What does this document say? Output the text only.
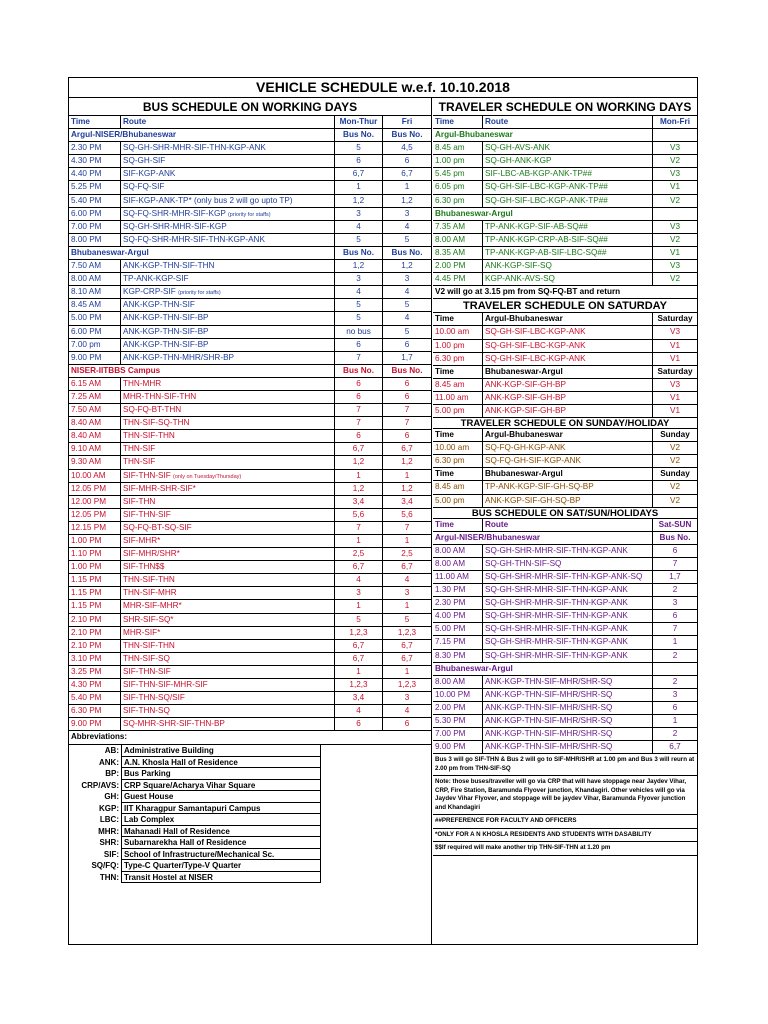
VEHICLE SCHEDULE w.e.f. 10.10.2018
BUS SCHEDULE ON WORKING DAYS
Time	Route	Mon-Thur	Fri
Argul-NISER/Bhubaneswar	Bus No.	Bus No.
2.30 PM	SQ-GH-SHR-MHR-SIF-THN-KGP-ANK	5	4,5
4.30 PM	SQ-GH-SIF	6	6
4.40 PM	SIF-KGP-ANK	6,7	6,7
5.25 PM	SQ-FQ-SIF	1	1
5.40 PM	SIF-KGP-ANK-TP* (only bus 2 will go upto TP)	1,2	1,2
6.00 PM	SQ-FQ-SHR-MHR-SIF-KGP (priority for staffs)	3	3
7.00 PM	SQ-GH-SHR-MHR-SIF-KGP	4	4
8.00 PM	SQ-FQ-SHR-MHR-SIF-THN-KGP-ANK	5	5
Bhubaneswar-Argul	Bus No.	Bus No.
7.50 AM	ANK-KGP-THN-SIF-THN	1,2	1,2
8.00 AM	TP-ANK-KGP-SIF	3	3
8.10 AM	KGP-CRP-SIF (priority for staffs)	4	4
8.45 AM	ANK-KGP-THN-SIF	5	5
5.00 PM	ANK-KGP-THN-SIF-BP	5	4
6.00 PM	ANK-KGP-THN-SIF-BP	no bus	5
7.00 pm	ANK-KGP-THN-SIF-BP	6	6
9.00 PM	ANK-KGP-THN-MHR/SHR-BP	7	1,7
NISER-IITBBS Campus	Bus No.	Bus No.
6.15 AM	THN-MHR	6	6
7.25 AM	MHR-THN-SIF-THN	6	6
7.50 AM	SQ-FQ-BT-THN	7	7
8.40 AM	THN-SIF-SQ-THN	7	7
8.40 AM	THN-SIF-THN	6	6
9.10 AM	THN-SIF	6,7	6,7
9.30 AM	THN-SIF	1,2	1,2
10.00 AM	SIF-THN-SIF (only on Tuesday/Thursday)	1	1
12.05 PM	SIF-MHR-SHR-SIF*	1,2	1,2
12.00 PM	SIF-THN	3,4	3,4
12.05 PM	SIF-THN-SIF	5,6	5,6
12.15 PM	SQ-FQ-BT-SQ-SIF	7	7
1.00 PM	SIF-MHR*	1	1
1.10 PM	SIF-MHR/SHR*	2,5	2,5
1.00 PM	SIF-THN$$	6,7	6,7
1.15 PM	THN-SIF-THN	4	4
1.15 PM	THN-SIF-MHR	3	3
1.15 PM	MHR-SIF-MHR*	1	1
2.10 PM	SHR-SIF-SQ*	5	5
2.10 PM	MHR-SIF*	1,2,3	1,2,3
2.10 PM	THN-SIF-THN	6,7	6,7
3.10 PM	THN-SIF-SQ	6,7	6,7
3.25 PM	SIF-THN-SIF	1	1
4.30 PM	SIF-THN-SIF-MHR-SIF	1,2,3	1,2,3
5.40 PM	SIF-THN-SQ/SIF	3,4	3
6.30 PM	SIF-THN-SQ	4	4
9.00 PM	SQ-MHR-SHR-SIF-THN-BP	6	6
Abbreviations:
AB: Administrative Building
ANK: A.N. Khosla Hall of Residence
BP: Bus Parking
CRP/AVS: CRP Square/Acharya Vihar Square
GH: Guest House
KGP: IIT Kharagpur Samantapuri Campus
LBC: Lab Complex
MHR: Mahanadi Hall of Residence
SHR: Subarnarekha Hall of Residence
SIF: School of Infrastructure/Mechanical Sc.
SQ/FQ: Type-C Quarter/Type-V Quarter
THN: Transit Hostel at NISER
TRAVELER SCHEDULE ON WORKING DAYS
Time	Route	Mon-Fri
Argul-Bhubaneswar
8.45 am	SQ-GH-AVS-ANK	V3
1.00 pm	SQ-GH-ANK-KGP	V2
5.45 pm	SIF-LBC-AB-KGP-ANK-TP##	V3
6.05 pm	SQ-GH-SIF-LBC-KGP-ANK-TP##	V1
6.30 pm	SQ-GH-SIF-LBC-KGP-ANK-TP##	V2
Bhubaneswar-Argul
7.35 AM	TP-ANK-KGP-SIF-AB-SQ##	V3
8.00 AM	TP-ANK-KGP-CRP-AB-SIF-SQ##	V2
8.35 AM	TP-ANK-KGP-AB-SIF-LBC-SQ##	V1
2.00 PM	ANK-KGP-SIF-SQ	V3
4.45 PM	KGP-ANK-AVS-SQ	V2
V2 will go at 3.15 pm from SQ-FQ-BT and return
TRAVELER SCHEDULE ON SATURDAY
Time	Argul-Bhubaneswar	Saturday
10.00 am	SQ-GH-SIF-LBC-KGP-ANK	V3
1.00 pm	SQ-GH-SIF-LBC-KGP-ANK	V1
6.30 pm	SQ-GH-SIF-LBC-KGP-ANK	V1
Time	Bhubaneswar-Argul	Saturday
8.45 am	ANK-KGP-SIF-GH-BP	V3
11.00 am	ANK-KGP-SIF-GH-BP	V1
5.00 pm	ANK-KGP-SIF-GH-BP	V1
TRAVELER SCHEDULE ON SUNDAY/HOLIDAY
Time	Argul-Bhubaneswar	Sunday
10.00 am	SQ-FQ-GH-KGP-ANK	V2
6.30 pm	SQ-FQ-GH-SIF-KGP-ANK	V2
Time	Bhubaneswar-Argul	Sunday
8.45 am	TP-ANK-KGP-SIF-GH-SQ-BP	V2
5.00 pm	ANK-KGP-SIF-GH-SQ-BP	V2
BUS SCHEDULE ON SAT/SUN/HOLIDAYS
Time	Route	Sat-SUN
Argul-NISER/Bhubaneswar	Bus No.
8.00 AM	SQ-GH-SHR-MHR-SIF-THN-KGP-ANK	6
8.00 AM	SQ-GH-THN-SIF-SQ	7
11.00 AM	SQ-GH-SHR-MHR-SIF-THN-KGP-ANK-SQ	1,7
1.30 PM	SQ-GH-SHR-MHR-SIF-THN-KGP-ANK	2
2.30 PM	SQ-GH-SHR-MHR-SIF-THN-KGP-ANK	3
4.00 PM	SQ-GH-SHR-MHR-SIF-THN-KGP-ANK	6
5.00 PM	SQ-GH-SHR-MHR-SIF-THN-KGP-ANK	7
7.15 PM	SQ-GH-SHR-MHR-SIF-THN-KGP-ANK	1
8.30 PM	SQ-GH-SHR-MHR-SIF-THN-KGP-ANK	2
Bhubaneswar-Argul
8.00 AM	ANK-KGP-THN-SIF-MHR/SHR-SQ	2
10.00 PM	ANK-KGP-THN-SIF-MHR/SHR-SQ	3
2.00 PM	ANK-KGP-THN-SIF-MHR/SHR-SQ	6
5.30 PM	ANK-KGP-THN-SIF-MHR/SHR-SQ	1
7.00 PM	ANK-KGP-THN-SIF-MHR/SHR-SQ	2
9.00 PM	ANK-KGP-THN-SIF-MHR/SHR-SQ	6,7
Bus 3 will go SIF-THN & Bus 2 will go to SIF-MHR/SHR at 1.00 pm and Bus 3 will reurn at 2.00 pm from THN-SIF-SQ
Note: those buses/traveller will go via CRP that will have stoppage near Jaydev Vihar, CRP, Fire Station, Baramunda Flyover junction, Khandagiri. Other vehicles will go via Jaydev Vihar Flyover, and stoppage will be jaydev Vihar, Baramunda Flyover junction and Khandagiri
##PREFERENCE FOR FACULTY AND OFFICERS
*ONLY FOR A N KHOSLA RESIDENTS AND STUDENTS WITH DASABILITY
$$If required will make another trip THN-SIF-THN at 1.20 pm
